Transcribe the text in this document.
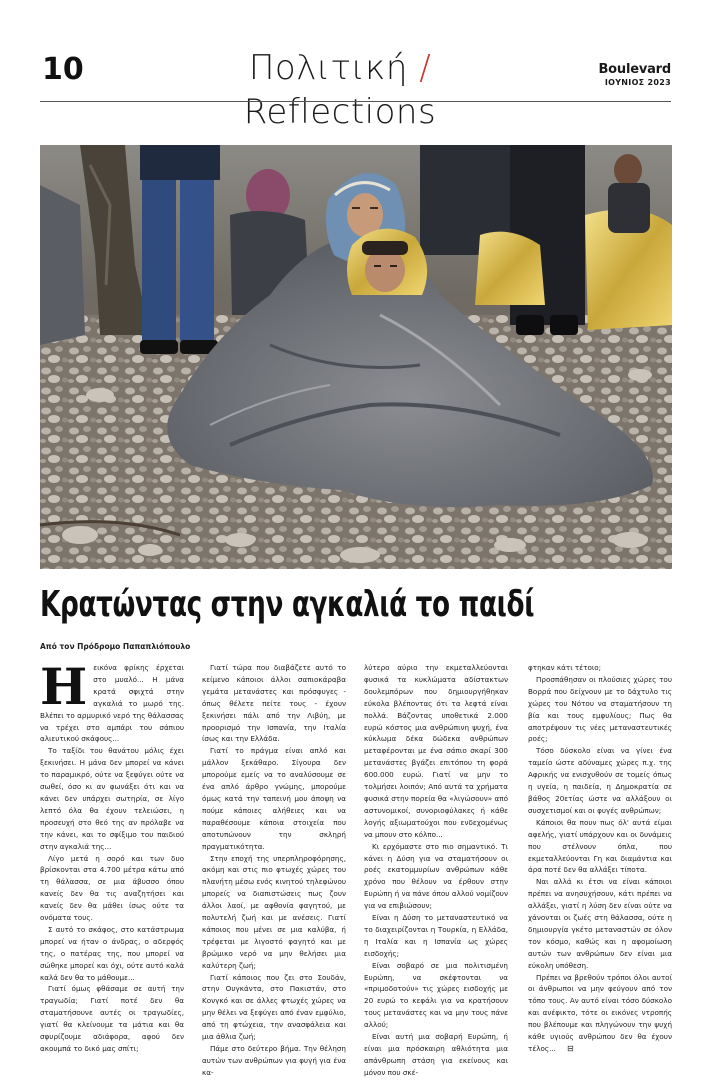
10	Πολιτική / Reflections
Boulevard
ΙΟΥΝΙΟΣ 2023
Κρατώντας στην αγκαλιά το παιδί
Από τον Πρόδρομο Παπαπλιόπουλο
Η εικόνα φρίκης έρχεται στο μυαλό... Η μάνα κρατά σφιχτά στην αγκαλιά το μωρό της. Βλέπει το αρμυρικό νερό της θάλασσας να τρέχει στο αμπάρι του σάπιου αλιευτικού σκάφους...

Το ταξίδι του θανάτου μόλις έχει ξεκινήσει. Η μάνα δεν μπορεί να κάνει το παραμικρό, ούτε να ξεφύγει ούτε να σωθεί, όσο κι αν φωνάξει ότι και να κάνει δεν υπάρχει σωτηρία, σε λίγο λεπτό όλα θα έχουν τελειώσει, η προσευχή στο θεό της αν πρόλαβε να την κάνει, και το σφίξιμο του παιδιού στην αγκαλιά της...

Λίγο μετά η σορό και των δυο βρίσκονται στα 4.700 μέτρα κάτω από τη θάλασσα, σε μια άβυσσο όπου κανείς δεν θα τις αναζητήσει και κανείς δεν θα μάθει ίσως ούτε τα ονόματα τους.

Σ αυτό το σκάφος, στο κατάστρωμα μπορεί να ήταν ο άνδρας, ο αδερφός της, ο πατέρας της, που μπορεί να σώθηκε μπορεί και όχι, ούτε αυτό καλά καλά δεν θα το μάθουμε...

Γιατί όμως φθάσαμε σε αυτή την τραγωδία; Γιατί ποτέ δεν θα σταματήσουνε αυτές οι τραγωδίες, γιατί θα κλείνουμε τα μάτια και θα σφυρίζουμε αδιάφορα, αφού δεν ακουμπά το δικό μας σπίτι;

Γιατί τώρα που διαβάζετε αυτό το κείμενο κάποιοι άλλοι σαπιοκάραβα γεμάτα μετανάστες και πρόσφυγες - όπως θέλετε πείτε τους - έχουν ξεκινήσει πάλι από την Λιβύη, με προορισμό την Ισπανία, την Ιταλία ίσως και την Ελλάδα.

Γιατί το πράγμα είναι απλό και μάλλον ξεκάθαρο. Σίγουρα δεν μπορούμε εμείς να το αναλύσουμε σε ένα απλό άρθρο γνώμης, μπορούμε όμως κατά την ταπεινή μου άποψη να πούμε κάποιες αλήθειες και να παραθέσουμε κάποια στοιχεία που αποτυπώνουν την σκληρή πραγματικότητα.

Στην εποχή της υπερπληροφόρησης, ακόμη και στις πιο φτωχές χώρες του πλανήτη μέσω ενός κινητού τηλεφώνου μπορείς να διαπιστώσεις πως ζουν άλλοι λαοί, με αφθονία φαγητού, με πολυτελή ζωή και με ανέσεις. Γιατί κάποιος που μένει σε μια καλύβα, ή τρέφεται με λιγοστό φαγητό και με βρώμικο νερό να μην θελήσει μια καλύτερη ζωή;

Γιατί κάποιος που ζει στο Σουδάν, στην Ουγκάντα, στο Πακιστάν, στο Κονγκό και σε άλλες φτωχές χώρες να μην θέλει να ξεφύγει από έναν εμφύλιο, από τη φτώχεια, την ανασφάλεια και μια άθλια ζωή;

Πάμε στο δεύτερο βήμα. Την θέληση αυτών των ανθρώπων για φυγή για ένα κα-

λύτερο αύριο την εκμεταλλεύονται φυσικά τα κυκλώματα αδίστακτων δουλεμπόρων που δημιουργήθηκαν εύκολα βλέποντας ότι τα λεφτά είναι πολλά. Βάζοντας υποθετικά 2.000 ευρώ κόστος μια ανθρώπινη ψυχή, ένα κύκλωμα δέκα δώδεκα ανθρώπων μεταφέρονται με ένα σάπιο σκαρί 300 μετανάστες βγάζει επιτόπου τη φορά 600.000 ευρώ. Γιατί να μην το τολμήσει λοιπόν; Από αυτά τα χρήματα φυσικά στην πορεία θα «λιγώσουν» από αστυνομικοί, συνοριοφύλακες ή κάθε λογής αξιωματούχοι που ενδεχομένως να μπουν στο κόλπο...

Κι ερχόμαστε στο πιο σημαντικό. Τι κάνει η Δύση για να σταματήσουν οι ροές εκατομμυρίων ανθρώπων κάθε χρόνο που θέλουν να έρθουν στην Ευρώπη ή να πάνε όπου αλλού νομίζουν για να επιβιώσουν;

Είναι η Δύση το μεταναστευτικό να το διαχειρίζονται η Τουρκία, η Ελλάδα, η Ιταλία και η Ισπανία ως χώρες εισδοχής;

Είναι σοβαρό σε μια πολιτισμένη Ευρώπη, να σκέφτονται να «πριμοδοτούν» τις χώρες εισδοχής με 20 ευρώ το κεφάλι για να κρατήσουν τους μετανάστες και να μην τους πάνε αλλού;

Είναι αυτή μια σοβαρή Ευρώπη, ή είναι μια πρόσκαιρη αθλιότητα μια απάνθρωπη στάση για εκείνους και μόνον που σκέ-

φτηκαν κάτι τέτοιο;

Προσπάθησαν οι πλούσιες χώρες του Βορρά που δείχνουν με το δάχτυλο τις χώρες του Νότου να σταματήσουν τη βία και τους εμφυλίους; Πως θα αποτρέψουν τις νέες μεταναστευτικές ροές;

Τόσο δύσκολο είναι να γίνει ένα ταμείο ώστε αδύναμες χώρες π.χ. της Αφρικής να ενισχυθούν σε τομείς όπως η υγεία, η παιδεία, η Δημοκρατία σε βάθος 20ετίας ώστε να αλλάξουν οι συσχετισμοί και οι φυγές ανθρώπων;

Κάποιοι θα πουν πως όλ' αυτά είμαι αφελής, γιατί υπάρχουν και οι δυνάμεις που στέλνουν όπλα, που εκμεταλλεύονται Γη και διαμάντια και άρα ποτέ δεν θα αλλάξει τίποτα.

Ναι αλλά κι έτσι να είναι κάποιοι πρέπει να ανησυχήσουν, κάτι πρέπει να αλλάξει, γιατί η λύση δεν είναι ούτε να χάνονται οι ζωές στη θάλασσα, ούτε η δημιουργία γκέτο μεταναστών σε όλον τον κόσμο, καθώς και η αφομοίωση αυτών των ανθρώπων δεν είναι μια εύκολη υπόθεση.

Πρέπει να βρεθούν τρόποι όλοι αυτοί οι άνθρωποι να μην φεύγουν από τον τόπο τους. Αν αυτό είναι τόσο δύσκολο και ανέφικτο, τότε οι εικόνες ντροπής που βλέπουμε και πληγώνουν την ψυχή κάθε υγιούς ανθρώπου δεν θα έχουν τέλος... ⊟
